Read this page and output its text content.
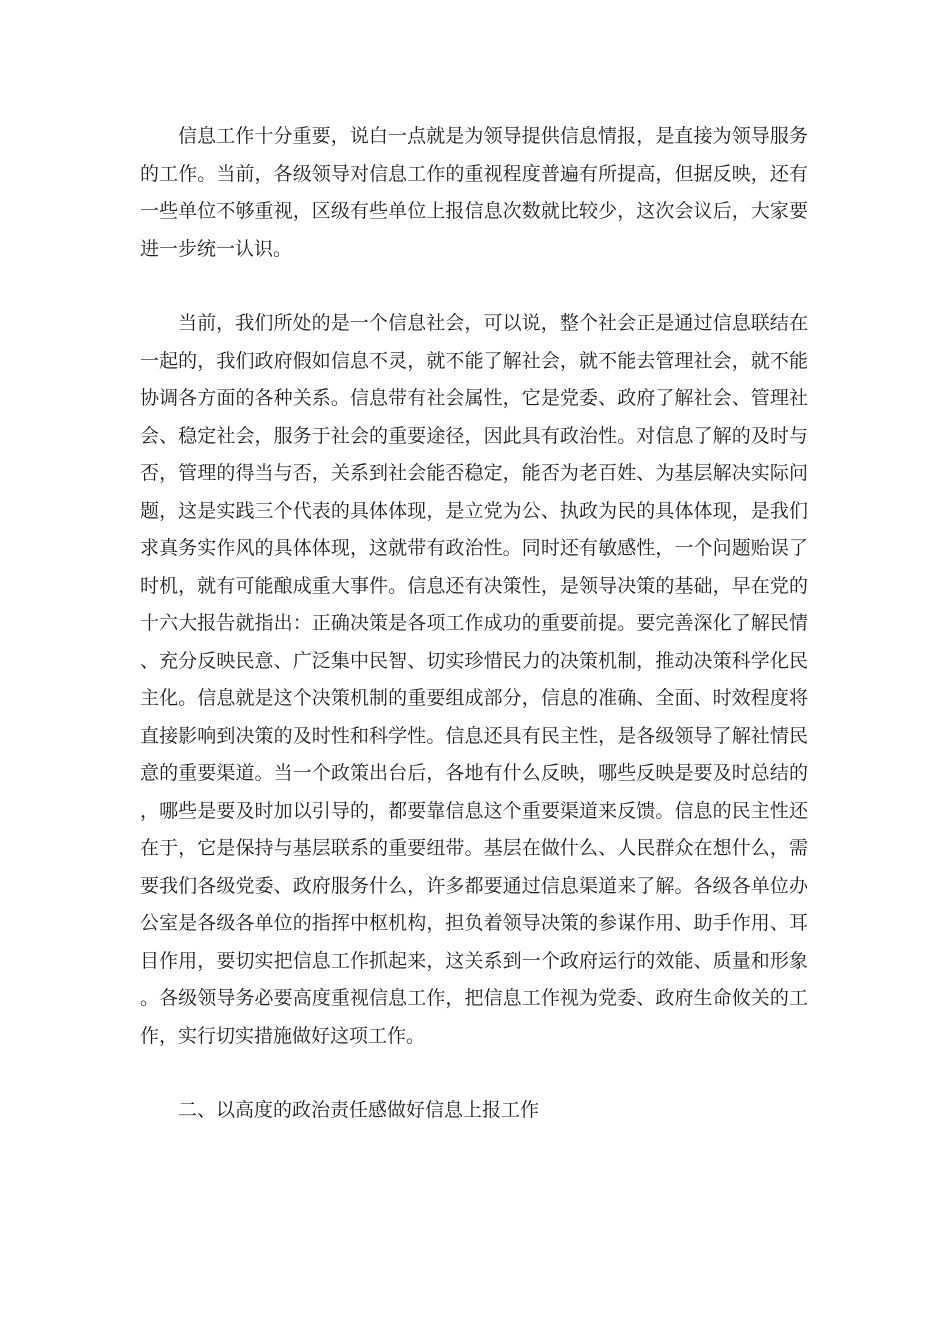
信息工作十分重要，说白一点就是为领导提供信息情报，是直接为领导服务的工作。当前，各级领导对信息工作的重视程度普遍有所提高，但据反映，还有一些单位不够重视，区级有些单位上报信息次数就比较少，这次会议后，大家要进一步统一认识。

当前，我们所处的是一个信息社会，可以说，整个社会正是通过信息联结在一起的，我们政府假如信息不灵，就不能了解社会，就不能去管理社会，就不能协调各方面的各种关系。信息带有社会属性，它是党委、政府了解社会、管理社会、稳定社会，服务于社会的重要途径，因此具有政治性。对信息了解的及时与否，管理的得当与否，关系到社会能否稳定，能否为老百姓、为基层解决实际问题，这是实践三个代表的具体体现，是立党为公、执政为民的具体体现，是我们求真务实作风的具体体现，这就带有政治性。同时还有敏感性，一个问题贻误了时机，就有可能酿成重大事件。信息还有决策性，是领导决策的基础，早在党的十六大报告就指出：正确决策是各项工作成功的重要前提。要完善深化了解民情、充分反映民意、广泛集中民智、切实珍惜民力的决策机制，推动决策科学化民主化。信息就是这个决策机制的重要组成部分，信息的准确、全面、时效程度将直接影响到决策的及时性和科学性。信息还具有民主性，是各级领导了解社情民意的重要渠道。当一个政策出台后，各地有什么反映，哪些反映是要及时总结的，哪些是要及时加以引导的，都要靠信息这个重要渠道来反馈。信息的民主性还在于，它是保持与基层联系的重要纽带。基层在做什么、人民群众在想什么，需要我们各级党委、政府服务什么，许多都要通过信息渠道来了解。各级各单位办公室是各级各单位的指挥中枢机构，担负着领导决策的参谋作用、助手作用、耳目作用，要切实把信息工作抓起来，这关系到一个政府运行的效能、质量和形象。各级领导务必要高度重视信息工作，把信息工作视为党委、政府生命攸关的工作，实行切实措施做好这项工作。

二、以高度的政治责任感做好信息上报工作
